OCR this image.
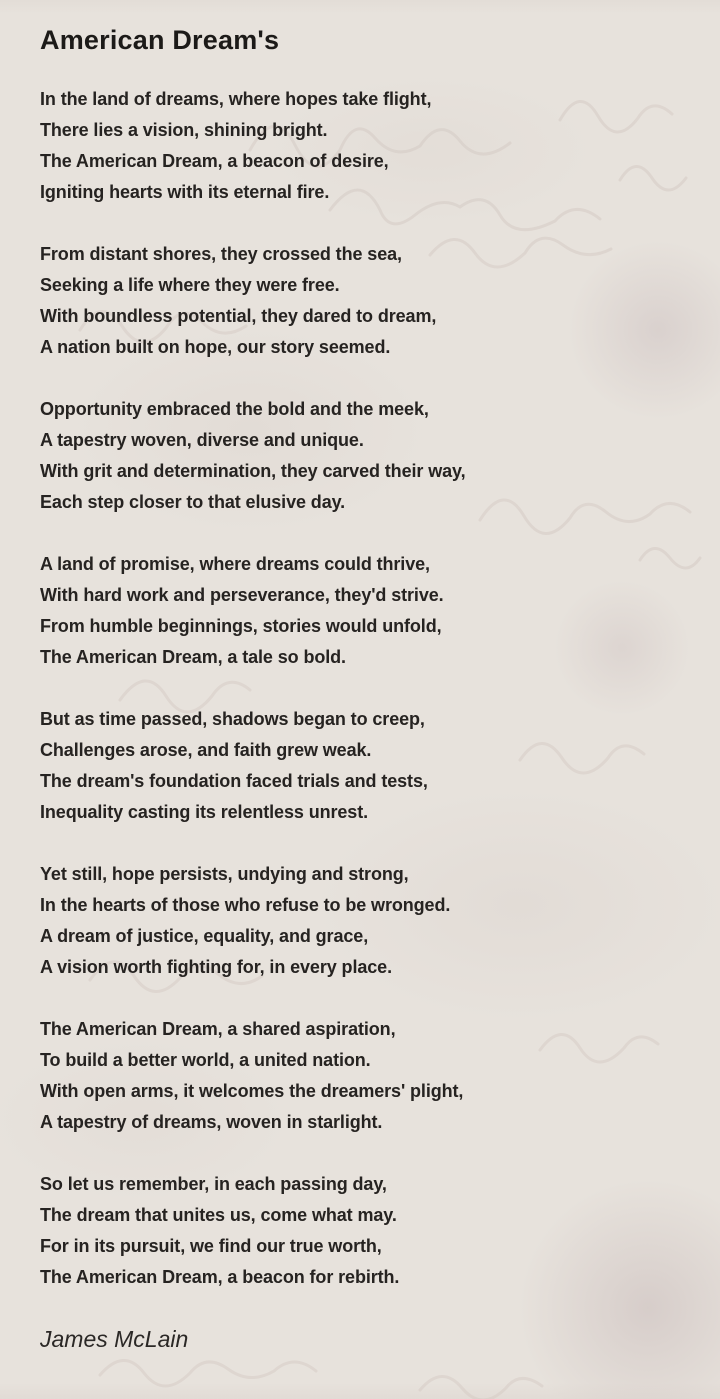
American Dream's

In the land of dreams, where hopes take flight,

There lies a vision, shining bright.

The American Dream, a beacon of desire,

Igniting hearts with its eternal fire.

From distant shores, they crossed the sea,

Seeking a life where they were free.

With boundless potential, they dared to dream,

A nation built on hope, our story seemed.

Opportunity embraced the bold and the meek,

A tapestry woven, diverse and unique.

With grit and determination, they carved their way,

Each step closer to that elusive day.

A land of promise, where dreams could thrive,

With hard work and perseverance, they'd strive.

From humble beginnings, stories would unfold,

The American Dream, a tale so bold.

But as time passed, shadows began to creep,

Challenges arose, and faith grew weak.

The dream's foundation faced trials and tests,

Inequality casting its relentless unrest.

Yet still, hope persists, undying and strong,

In the hearts of those who refuse to be wronged.

A dream of justice, equality, and grace,

A vision worth fighting for, in every place.

The American Dream, a shared aspiration,

To build a better world, a united nation.

With open arms, it welcomes the dreamers' plight,

A tapestry of dreams, woven in starlight.

So let us remember, in each passing day,

The dream that unites us, come what may.

For in its pursuit, we find our true worth,

The American Dream, a beacon for rebirth.

James McLain
